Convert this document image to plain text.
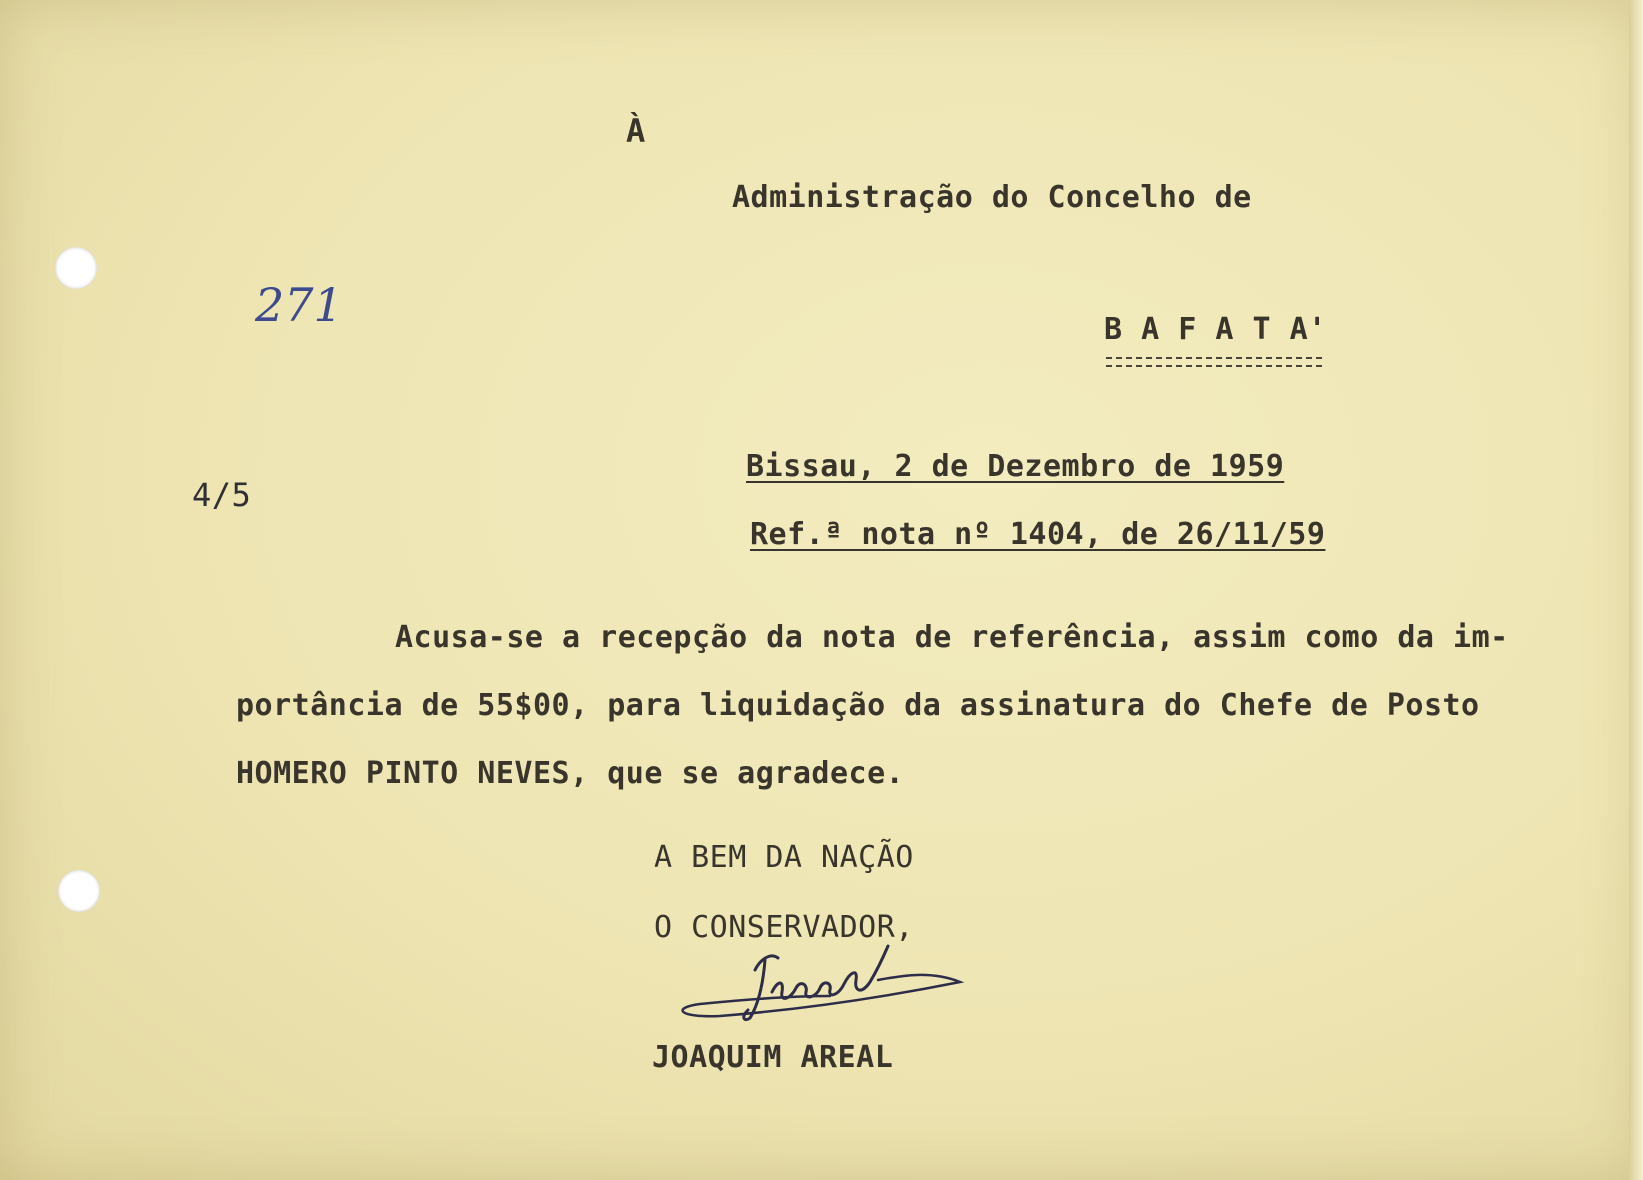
À
Administração do Concelho de
271	B A F A T A'
4/5
Bissau, 2 de Dezembro de 1959
Ref.ª nota nº 1404, de 26/11/59
Acusa-se a recepção da nota de referência, assim como da im-
portância de 55$00, para liquidação da assinatura do Chefe de Posto
HOMERO PINTO NEVES, que se agradece.
A BEM DA NAÇÃO
O CONSERVADOR,
JOAQUIM AREAL
